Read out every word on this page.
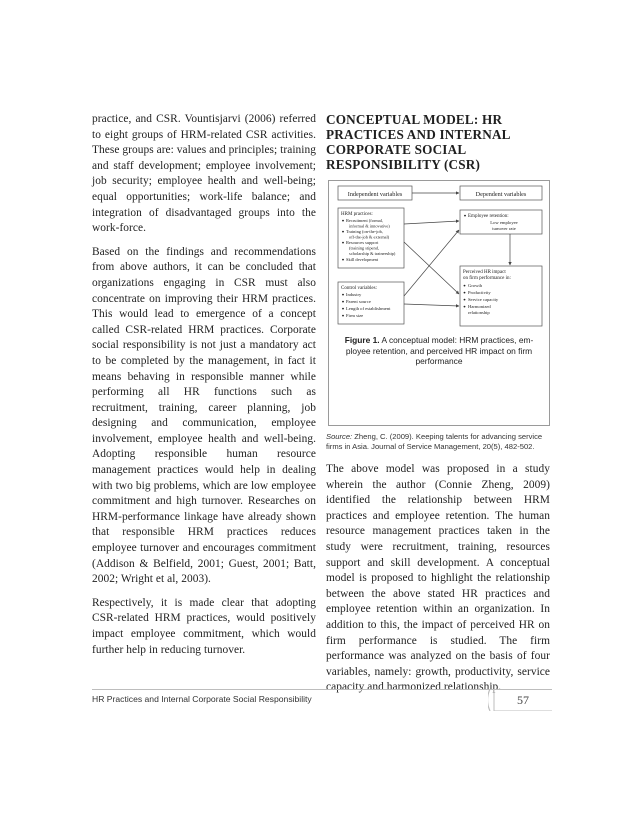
practice, and CSR. Vountisjarvi (2006) referred to eight groups of HRM-related CSR activities. These groups are: values and principles; training and staff development; employee involvement; job security; employee health and well-being; equal opportunities; work-life balance; and integration of disadvantaged groups into the work-force.

Based on the findings and recommendations from above authors, it can be concluded that organizations engaging in CSR must also concentrate on improving their HRM practices. This would lead to emergence of a concept called CSR-related HRM practices. Corporate social responsibility is not just a mandatory act to be completed by the management, in fact it means behaving in responsible manner while performing all HR functions such as recruitment, training, career planning, job designing and communication, employee involvement, employee health and well-being. Adopting responsible human resource management practices would help in dealing with two big problems, which are low employee commitment and high turnover. Researches on HRM-performance linkage have already shown that responsible HRM practices reduces employee turnover and encourages commitment (Addison & Belfield, 2001; Guest, 2001; Batt, 2002; Wright et al, 2003).

Respectively, it is made clear that adopting CSR-related HRM practices, would positively impact employee commitment, which would further help in reducing turnover.

CONCEPTUAL MODEL: HR PRACTICES AND INTERNAL CORPORATE SOCIAL RESPONSIBILITY (CSR)
Independent variables	Dependent variables
HRM practices:
Recruitment (formal,
informal & innovative)
Training (on-the-job,
off-the-job & external)
Resources support
(training stipend,
scholarship & traineeship)
Skill development
Employee retention:
Low employee
turnover rate
Control variables:
Industry
Parent source
Length of establishment
Firm size
Perceived HR impact
on firm performance in:
Growth
Productivity
Service capacity
Harmonized
relationship
Figure 1. A conceptual model: HRM practices, em-ployee retention, and perceived HR impact on firm performance
Source: Zheng, C. (2009). Keeping talents for advancing service firms in Asia. Journal of Service Management, 20(5), 482-502.

The above model was proposed in a study wherein the author (Connie Zheng, 2009) identified the relationship between HRM practices and employee retention. The human resource management practices taken in the study were recruitment, training, resources support and skill development. A conceptual model is proposed to highlight the relationship between the above stated HR practices and employee retention within an organization. In addition to this, the impact of perceived HR on firm performance is studied. The firm performance was analyzed on the basis of four variables, namely: growth, productivity, service capacity and harmonized relationship.

HR Practices and Internal Corporate Social Responsibility	57
